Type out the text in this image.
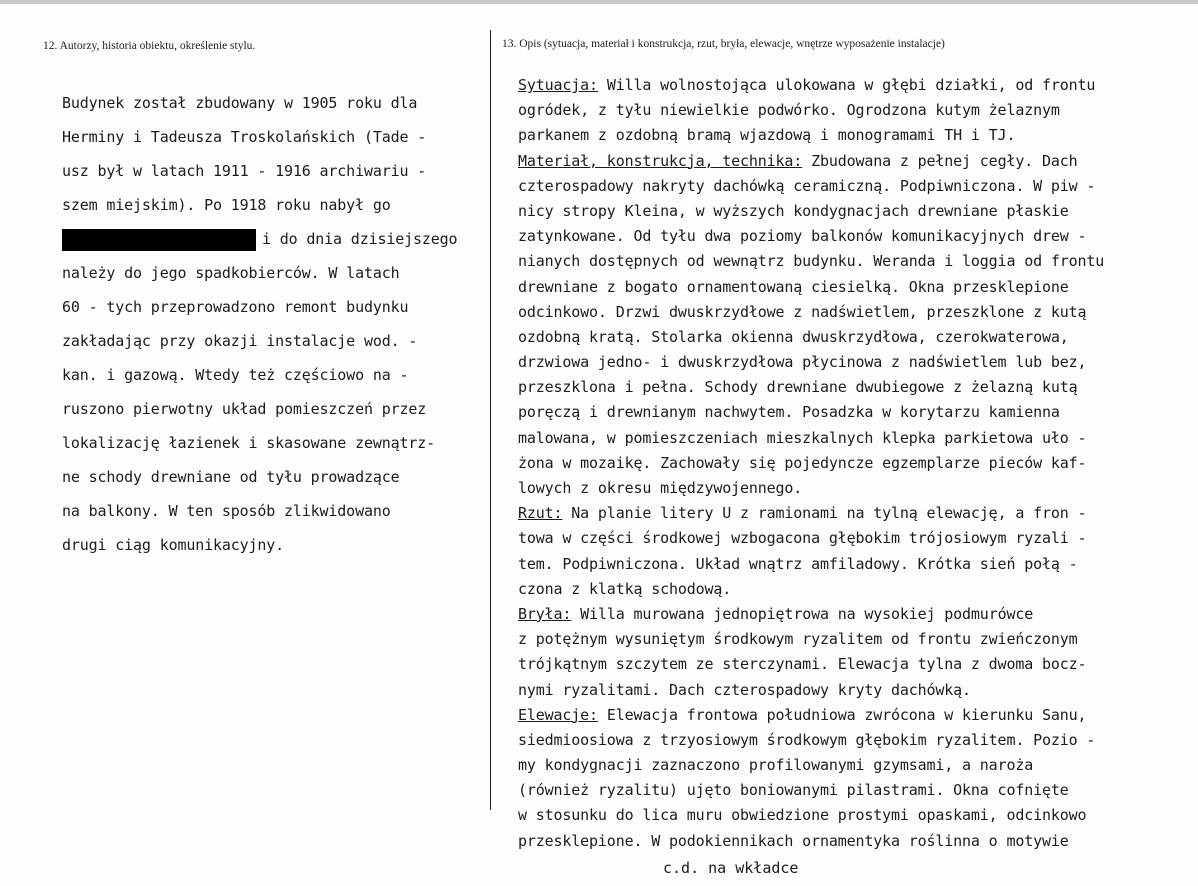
12. Autorzy, historia obiektu, określenie stylu.	13. Opis (sytuacja, materiał i konstrukcja, rzut, bryła, elewacje, wnętrze wyposażenie instalacje)
Budynek został zbudowany w 1905 roku dla
Herminy i Tadeusza Troskolańskich (Tade -
usz był w latach 1911 - 1916 archiwariu -
szem miejskim). Po 1918 roku nabył go
i do dnia dzisiejszego
należy do jego spadkobierców. W latach
60 - tych przeprowadzono remont budynku
zakładając przy okazji instalacje wod. -
kan. i gazową. Wtedy też częściowo na -
ruszono pierwotny układ pomieszczeń przez
lokalizację łazienek i skasowane zewnątrz-
ne schody drewniane od tyłu prowadzące
na balkony. W ten sposób zlikwidowano
drugi ciąg komunikacyjny.
Sytuacja: Willa wolnostojąca ulokowana w głębi działki, od frontu
ogródek, z tyłu niewielkie podwórko. Ogrodzona kutym żelaznym
parkanem z ozdobną bramą wjazdową i monogramami TH i TJ.
Materiał, konstrukcja, technika: Zbudowana z pełnej cegły. Dach
czterospadowy nakryty dachówką ceramiczną. Podpiwniczona. W piw -
nicy stropy Kleina, w wyższych kondygnacjach drewniane płaskie
zatynkowane. Od tyłu dwa poziomy balkonów komunikacyjnych drew -
nianych dostępnych od wewnątrz budynku. Weranda i loggia od frontu
drewniane z bogato ornamentowaną ciesielką. Okna przesklepione
odcinkowo. Drzwi dwuskrzydłowe z nadświetlem, przeszklone z kutą
ozdobną kratą. Stolarka okienna dwuskrzydłowa, czerokwaterowa,
drzwiowa jedno- i dwuskrzydłowa płycinowa z nadświetlem lub bez,
przeszklona i pełna. Schody drewniane dwubiegowe z żelazną kutą
poręczą i drewnianym nachwytem. Posadzka w korytarzu kamienna
malowana, w pomieszczeniach mieszkalnych klepka parkietowa uło -
żona w mozaikę. Zachowały się pojedyncze egzemplarze pieców kaf-
lowych z okresu międzywojennego.
Rzut: Na planie litery U z ramionami na tylną elewację, a fron -
towa w części środkowej wzbogacona głębokim trójosiowym ryzali -
tem. Podpiwniczona. Układ wnątrz amfiladowy. Krótka sień połą -
czona z klatką schodową.
Bryła: Willa murowana jednopiętrowa na wysokiej podmurówce
z potężnym wysuniętym środkowym ryzalitem od frontu zwieńczonym
trójkątnym szczytem ze sterczynami. Elewacja tylna z dwoma bocz-
nymi ryzalitami. Dach czterospadowy kryty dachówką.
Elewacje: Elewacja frontowa południowa zwrócona w kierunku Sanu,
siedmioosiowa z trzyosiowym środkowym głębokim ryzalitem. Pozio -
my kondygnacji zaznaczono profilowanymi gzymsami, a naroża
(również ryzalitu) ujęto boniowanymi pilastrami. Okna cofnięte
w stosunku do lica muru obwiedzione prostymi opaskami, odcinkowo
przesklepione. W podokiennikach ornamentyka roślinna o motywie
c.d. na wkładce
